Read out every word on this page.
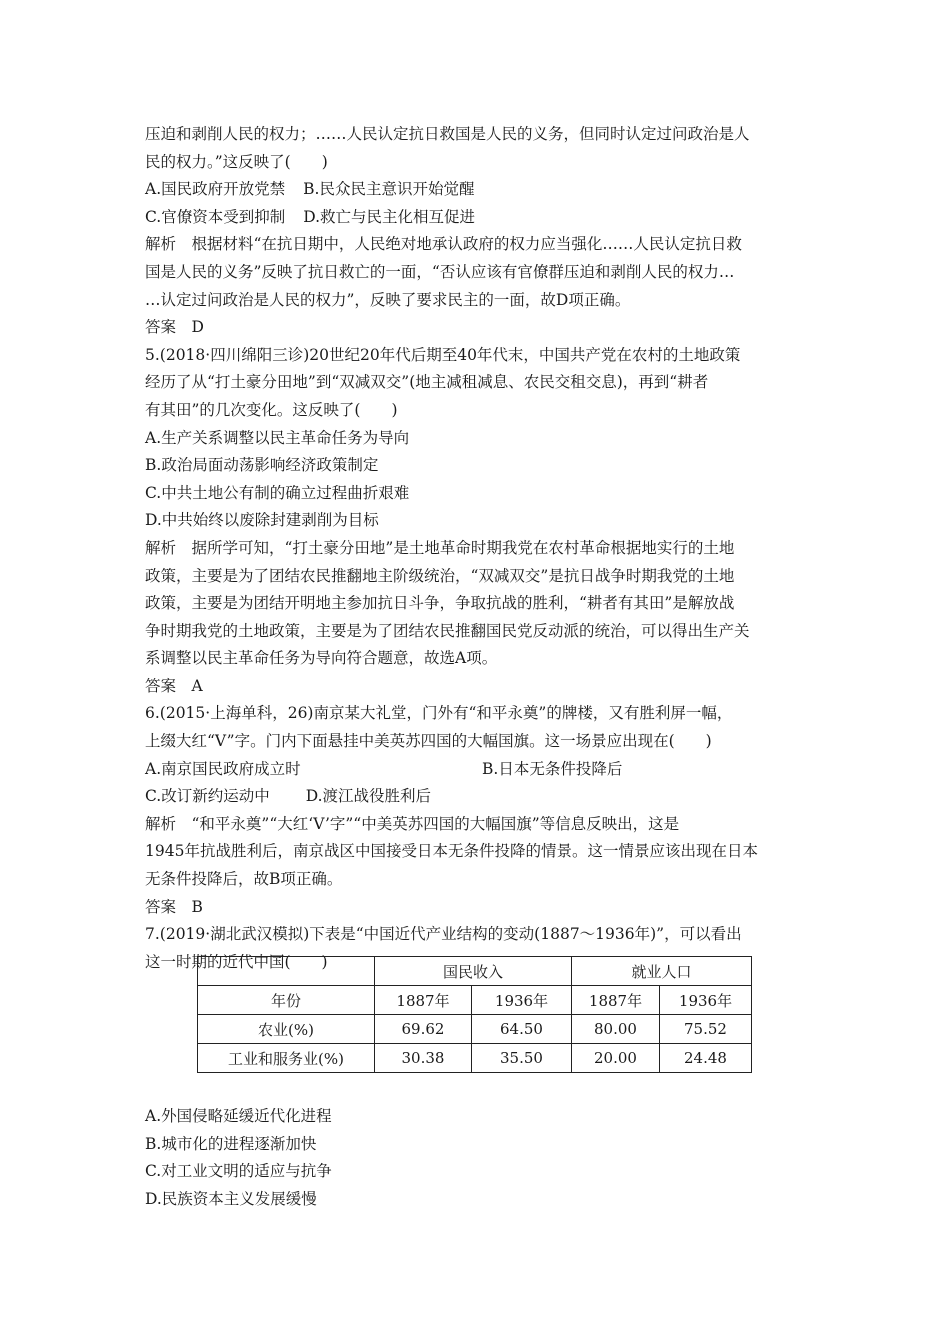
压迫和剥削人民的权力；……人民认定抗日救国是人民的义务，但同时认定过问政治是人
民的权力。”这反映了(　　)
A.国民政府开放党禁 B.民众民主意识开始觉醒
C.官僚资本受到抑制 D.救亡与民主化相互促进
解析　根据材料“在抗日期中，人民绝对地承认政府的权力应当强化……人民认定抗日救
国是人民的义务”反映了抗日救亡的一面，“否认应该有官僚群压迫和剥削人民的权力…
…认定过问政治是人民的权力”，反映了要求民主的一面，故D项正确。
答案　D
5.(2018·四川绵阳三诊)20世纪20年代后期至40年代末，中国共产党在农村的土地政策
经历了从“打土豪分田地”到“双减双交”(地主减租减息、农民交租交息)，再到“耕者
有其田”的几次变化。这反映了(　　)
A.生产关系调整以民主革命任务为导向
B.政治局面动荡影响经济政策制定
C.中共土地公有制的确立过程曲折艰难
D.中共始终以废除封建剥削为目标
解析　据所学可知，“打土豪分田地”是土地革命时期我党在农村革命根据地实行的土地
政策，主要是为了团结农民推翻地主阶级统治，“双减双交”是抗日战争时期我党的土地
政策，主要是为团结开明地主参加抗日斗争，争取抗战的胜利，“耕者有其田”是解放战
争时期我党的土地政策，主要是为了团结农民推翻国民党反动派的统治，可以得出生产关
系调整以民主革命任务为导向符合题意，故选A项。
答案　A
6.(2015·上海单科，26)南京某大礼堂，门外有“和平永奠”的牌楼，又有胜利屏一幅，
上缀大红“V”字。门内下面悬挂中美英苏四国的大幅国旗。这一场景应出现在(　　)
A.南京国民政府成立时	B.日本无条件投降后
C.改订新约运动中 D.渡江战役胜利后
解析　“和平永奠”“大红‘V’字”“中美英苏四国的大幅国旗”等信息反映出，这是
1945年抗战胜利后，南京战区中国接受日本无条件投降的情景。这一情景应该出现在日本
无条件投降后，故B项正确。
答案　B
7.(2019·湖北武汉模拟)下表是“中国近代产业结构的变动(1887～1936年)”，可以看出
这一时期的近代中国(　　)
	国民收入		就业人口	
年份	1887年	1936年	1887年	1936年
农业(%)	69.62	64.50	80.00	75.52
工业和服务业(%)	30.38	35.50	20.00	24.48
A.外国侵略延缓近代化进程
B.城市化的进程逐渐加快
C.对工业文明的适应与抗争
D.民族资本主义发展缓慢
